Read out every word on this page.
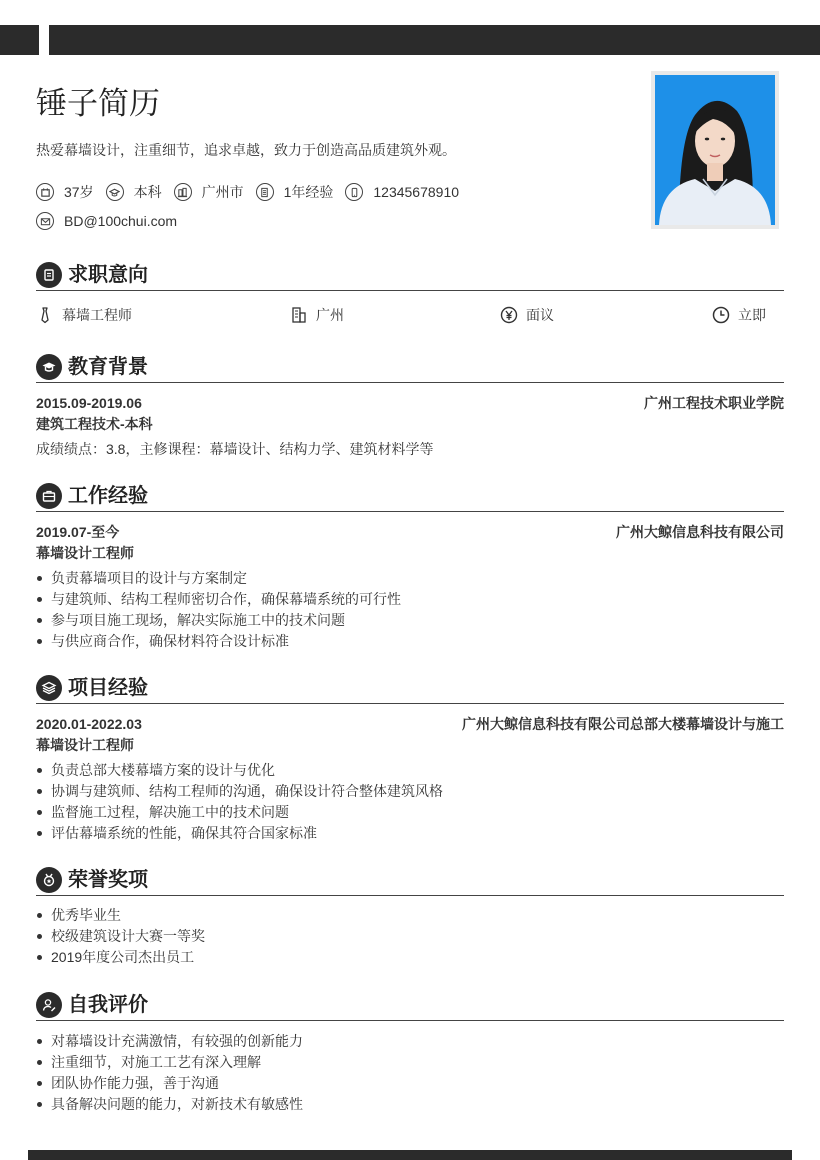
锤子简历
热爱幕墙设计，注重细节，追求卓越，致力于创造高品质建筑外观。
37岁	本科	广州市	1年经验	12345678910
BD@100chui.com
求职意向
幕墙工程师	广州	面议	立即
教育背景
2015.09-2019.06	广州工程技术职业学院
建筑工程技术-本科
成绩绩点：3.8，主修课程：幕墙设计、结构力学、建筑材料学等
工作经验
2019.07-至今	广州大鲸信息科技有限公司
幕墙设计工程师
负责幕墙项目的设计与方案制定
与建筑师、结构工程师密切合作，确保幕墙系统的可行性
参与项目施工现场，解决实际施工中的技术问题
与供应商合作，确保材料符合设计标准
项目经验
2020.01-2022.03	广州大鲸信息科技有限公司总部大楼幕墙设计与施工
幕墙设计工程师
负责总部大楼幕墙方案的设计与优化
协调与建筑师、结构工程师的沟通，确保设计符合整体建筑风格
监督施工过程，解决施工中的技术问题
评估幕墙系统的性能，确保其符合国家标准
荣誉奖项
优秀毕业生
校级建筑设计大赛一等奖
2019年度公司杰出员工
自我评价
对幕墙设计充满激情，有较强的创新能力
注重细节，对施工工艺有深入理解
团队协作能力强，善于沟通
具备解决问题的能力，对新技术有敏感性
